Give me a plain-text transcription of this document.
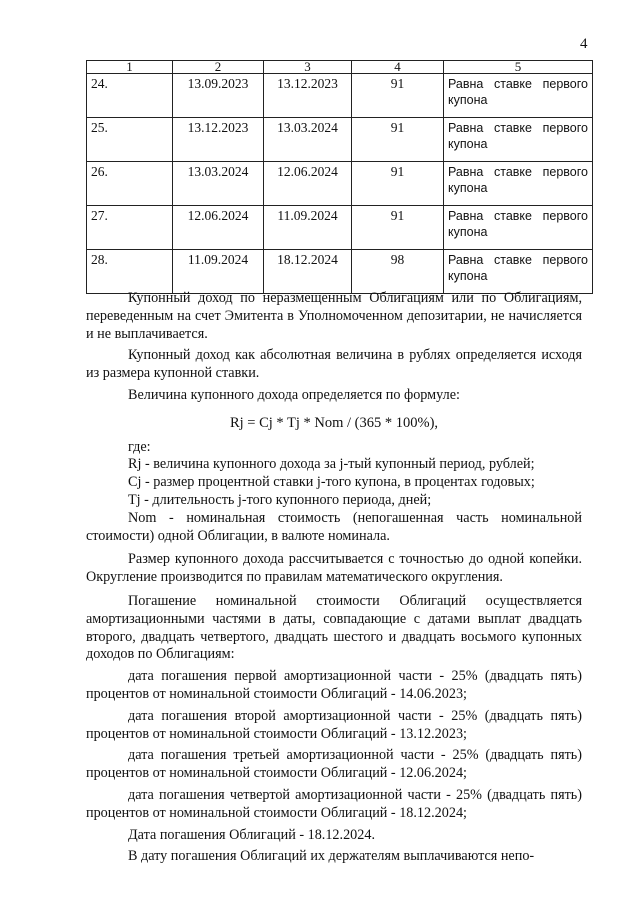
4
1	2	3	4	5
24.	13.09.2023	13.12.2023	91	Равна ставке первого купона
25.	13.12.2023	13.03.2024	91	Равна ставке первого купона
26.	13.03.2024	12.06.2024	91	Равна ставке первого купона
27.	12.06.2024	11.09.2024	91	Равна ставке первого купона
28.	11.09.2024	18.12.2024	98	Равна ставке первого купона

Купонный доход по неразмещенным Облигациям или по Облигациям, переведенным на счет Эмитента в Уполномоченном депозитарии, не начисляется и не выплачивается.

Купонный доход как абсолютная величина в рублях определяется исходя из размера купонной ставки.

Величина купонного дохода определяется по формуле:

Rj = Cj * Tj * Nom / (365 * 100%),

где:

Rj - величина купонного дохода за j-тый купонный период, рублей;

Cj - размер процентной ставки j-того купона, в процентах годовых;

Tj - длительность j-того купонного периода, дней;

Nom - номинальная стоимость (непогашенная часть номинальной стоимости) одной Облигации, в валюте номинала.

Размер купонного дохода рассчитывается с точностью до одной копейки. Округление производится по правилам математического округления.

Погашение номинальной стоимости Облигаций осуществляется амортизационными частями в даты, совпадающие с датами выплат двадцать второго, двадцать четвертого, двадцать шестого и двадцать восьмого купонных доходов по Облигациям:

дата погашения первой амортизационной части - 25% (двадцать пять) процентов от номинальной стоимости Облигаций - 14.06.2023;

дата погашения второй амортизационной части - 25% (двадцать пять) процентов от номинальной стоимости Облигаций - 13.12.2023;

дата погашения третьей амортизационной части - 25% (двадцать пять) процентов от номинальной стоимости Облигаций - 12.06.2024;

дата погашения четвертой амортизационной части - 25% (двадцать пять) процентов от номинальной стоимости Облигаций - 18.12.2024;

Дата погашения Облигаций - 18.12.2024.

В дату погашения Облигаций их держателям выплачиваются непо-
